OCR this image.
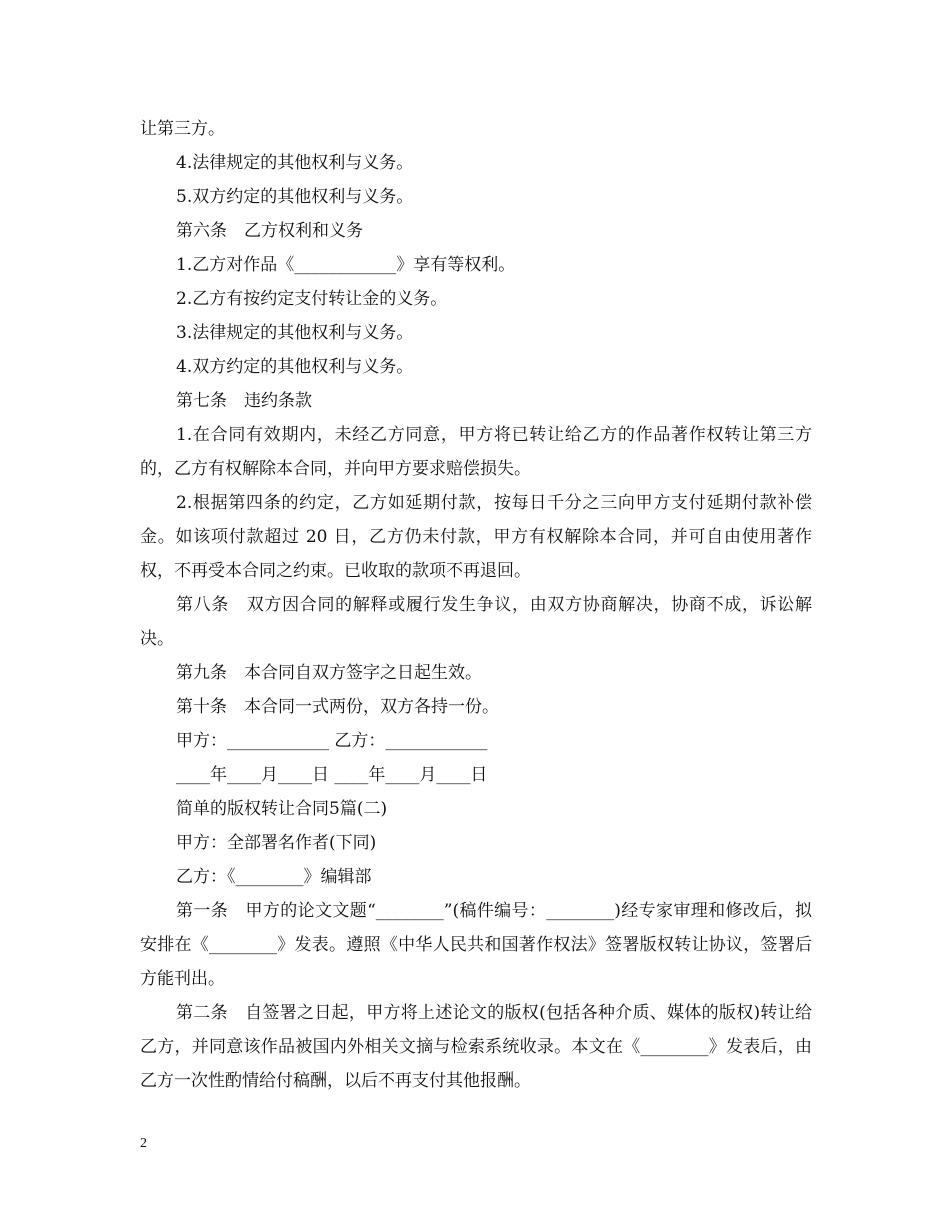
让第三方。

4.法律规定的其他权利与义务。

5.双方约定的其他权利与义务。

第六条　乙方权利和义务

1.乙方对作品《____________》享有等权利。

2.乙方有按约定支付转让金的义务。

3.法律规定的其他权利与义务。

4.双方约定的其他权利与义务。

第七条　违约条款

1.在合同有效期内，未经乙方同意，甲方将已转让给乙方的作品著作权转让第三方的，乙方有权解除本合同，并向甲方要求赔偿损失。

2.根据第四条的约定，乙方如延期付款，按每日千分之三向甲方支付延期付款补偿金。如该项付款超过 20 日，乙方仍未付款，甲方有权解除本合同，并可自由使用著作权，不再受本合同之约束。已收取的款项不再退回。

第八条　双方因合同的解释或履行发生争议，由双方协商解决，协商不成，诉讼解决。

第九条　本合同自双方签字之日起生效。

第十条　本合同一式两份，双方各持一份。

甲方：____________ 乙方：____________

____年____月____日 ____年____月____日

简单的版权转让合同5篇(二)

甲方：全部署名作者(下同)

乙方：《________》编辑部

第一条　甲方的论文文题“________”(稿件编号：________)经专家审理和修改后，拟安排在《________》发表。遵照《中华人民共和国著作权法》签署版权转让协议，签署后方能刊出。

第二条　自签署之日起，甲方将上述论文的版权(包括各种介质、媒体的版权)转让给乙方，并同意该作品被国内外相关文摘与检索系统收录。本文在《________》发表后，由乙方一次性酌情给付稿酬，以后不再支付其他报酬。

2
